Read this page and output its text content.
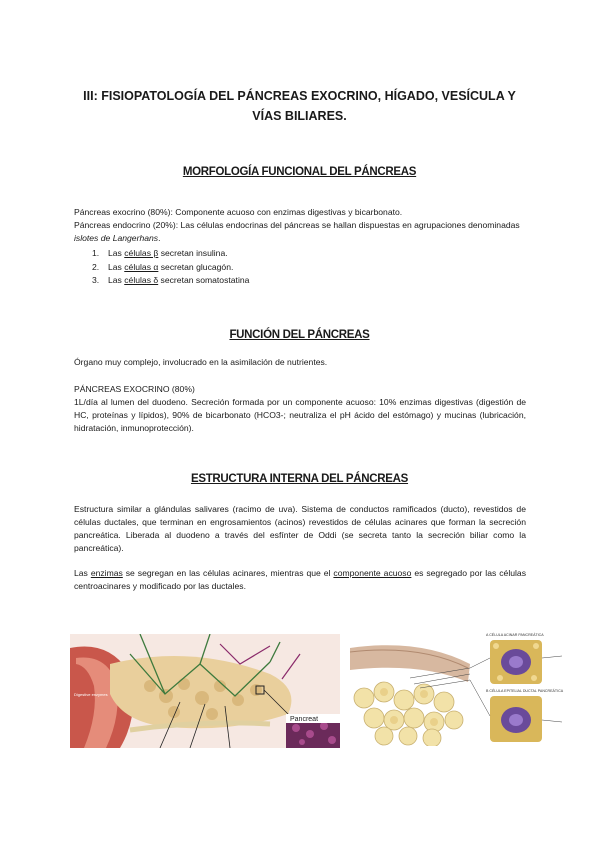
III: FISIOPATOLOGÍA DEL PÁNCREAS EXOCRINO, HÍGADO, VESÍCULA Y
VÍAS BILIARES.
MORFOLOGÍA FUNCIONAL DEL PÁNCREAS
Páncreas exocrino (80%): Componente acuoso con enzimas digestivas y bicarbonato.
Páncreas endocrino (20%): Las células endocrinas del páncreas se hallan dispuestas en agrupaciones denominadas islotes de Langerhans.
1.	Las células β secretan insulina.
2.	Las células α secretan glucagón.
3.	Las células δ secretan somatostatina
FUNCIÓN DEL PÁNCREAS
Órgano muy complejo, involucrado en la asimilación de nutrientes.
PÁNCREAS EXOCRINO (80%)
1L/día al lumen del duodeno. Secreción formada por un componente acuoso: 10% enzimas digestivas (digestión de HC, proteínas y lípidos), 90% de bicarbonato (HCO3-; neutraliza el pH ácido del estómago) y mucinas (lubricación, hidratación, inmunoprotección).
ESTRUCTURA INTERNA DEL PÁNCREAS
Estructura similar a glándulas salivares (racimo de uva). Sistema de conductos ramificados (ducto), revestidos de células ductales, que terminan en engrosamientos (acinos) revestidos de células acinares que forman la secreción pancreática. Liberada al duodeno a través del esfínter de Oddi (se secreta tanto la secreción biliar como la pancreática).
Las enzimas se segregan en las células acinares, mientras que el componente acuoso es segregado por las células centroacinares y modificado por las ductales.
Pancreat
Digestive enzymes
A CÉLULA ACINAR PANCREÁTICA
B CÉLULA EPITELIAL DUCTAL PANCREÁTICA
